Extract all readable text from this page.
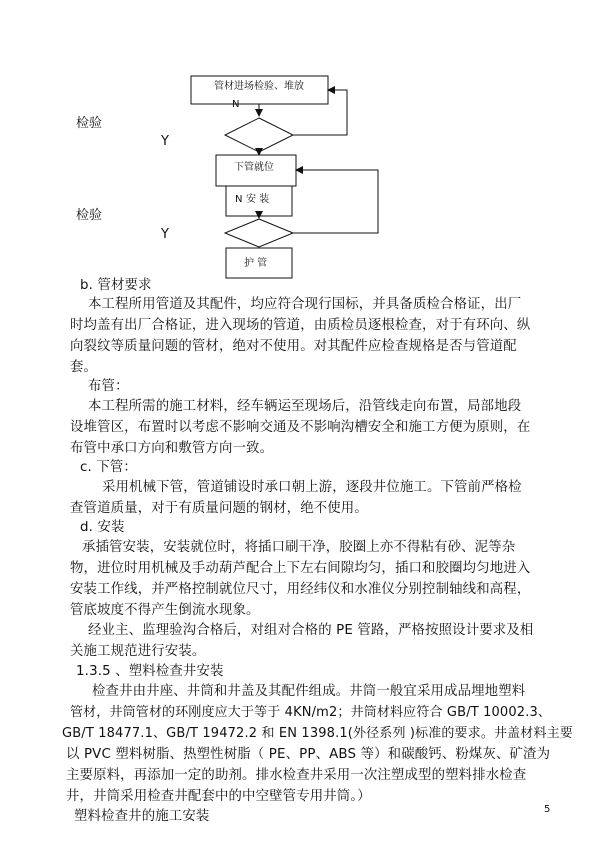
管材进场检验、堆放
N
下管就位
N 安 装
护 管
检验
Y
检验
Y
b. 管材要求
本工程所用管道及其配件，均应符合现行国标，并具备质检合格证，出厂
时均盖有出厂合格证，进入现场的管道，由质检员逐根检查，对于有环向、纵
向裂纹等质量问题的管材，绝对不使用。对其配件应检查规格是否与管道配
套。
布管：
本工程所需的施工材料，经车辆运至现场后，沿管线走向布置，局部地段
设堆管区，布置时以考虑不影响交通及不影响沟槽安全和施工方便为原则，在
布管中承口方向和敷管方向一致。
c. 下管：
采用机械下管，管道铺设时承口朝上游，逐段井位施工。下管前严格检
查管道质量，对于有质量问题的钢材，绝不使用。
d. 安装
承插管安装，安装就位时，将插口刷干净，胶圈上亦不得粘有砂、泥等杂
物，进位时用机械及手动葫芦配合上下左右间隙均匀，插口和胶圈均匀地进入
安装工作线，并严格控制就位尺寸，用经纬仪和水准仪分别控制轴线和高程，
管底坡度不得产生倒流水现象。
经业主、监理验沟合格后，对组对合格的 PE 管路，严格按照设计要求及相
关施工规范进行安装。
1.3.5 、塑料检查井安装
检查井由井座、井筒和井盖及其配件组成。井筒一般宜采用成品埋地塑料
管材，井筒管材的环刚度应大于等于 4KN/m2；井筒材料应符合 GB/T 10002.3、
GB/T 18477.1、GB/T 19472.2 和 EN 1398.1(外径系列 )标准的要求。井盖材料主要
以 PVC 塑料树脂、热塑性树脂（ PE、PP、ABS 等）和碳酸钙、粉煤灰、矿渣为
主要原料，再添加一定的助剂。排水检查井采用一次注塑成型的塑料排水检查
井，井筒采用检查井配套中的中空壁管专用井筒。）
塑料检查井的施工安装	5
